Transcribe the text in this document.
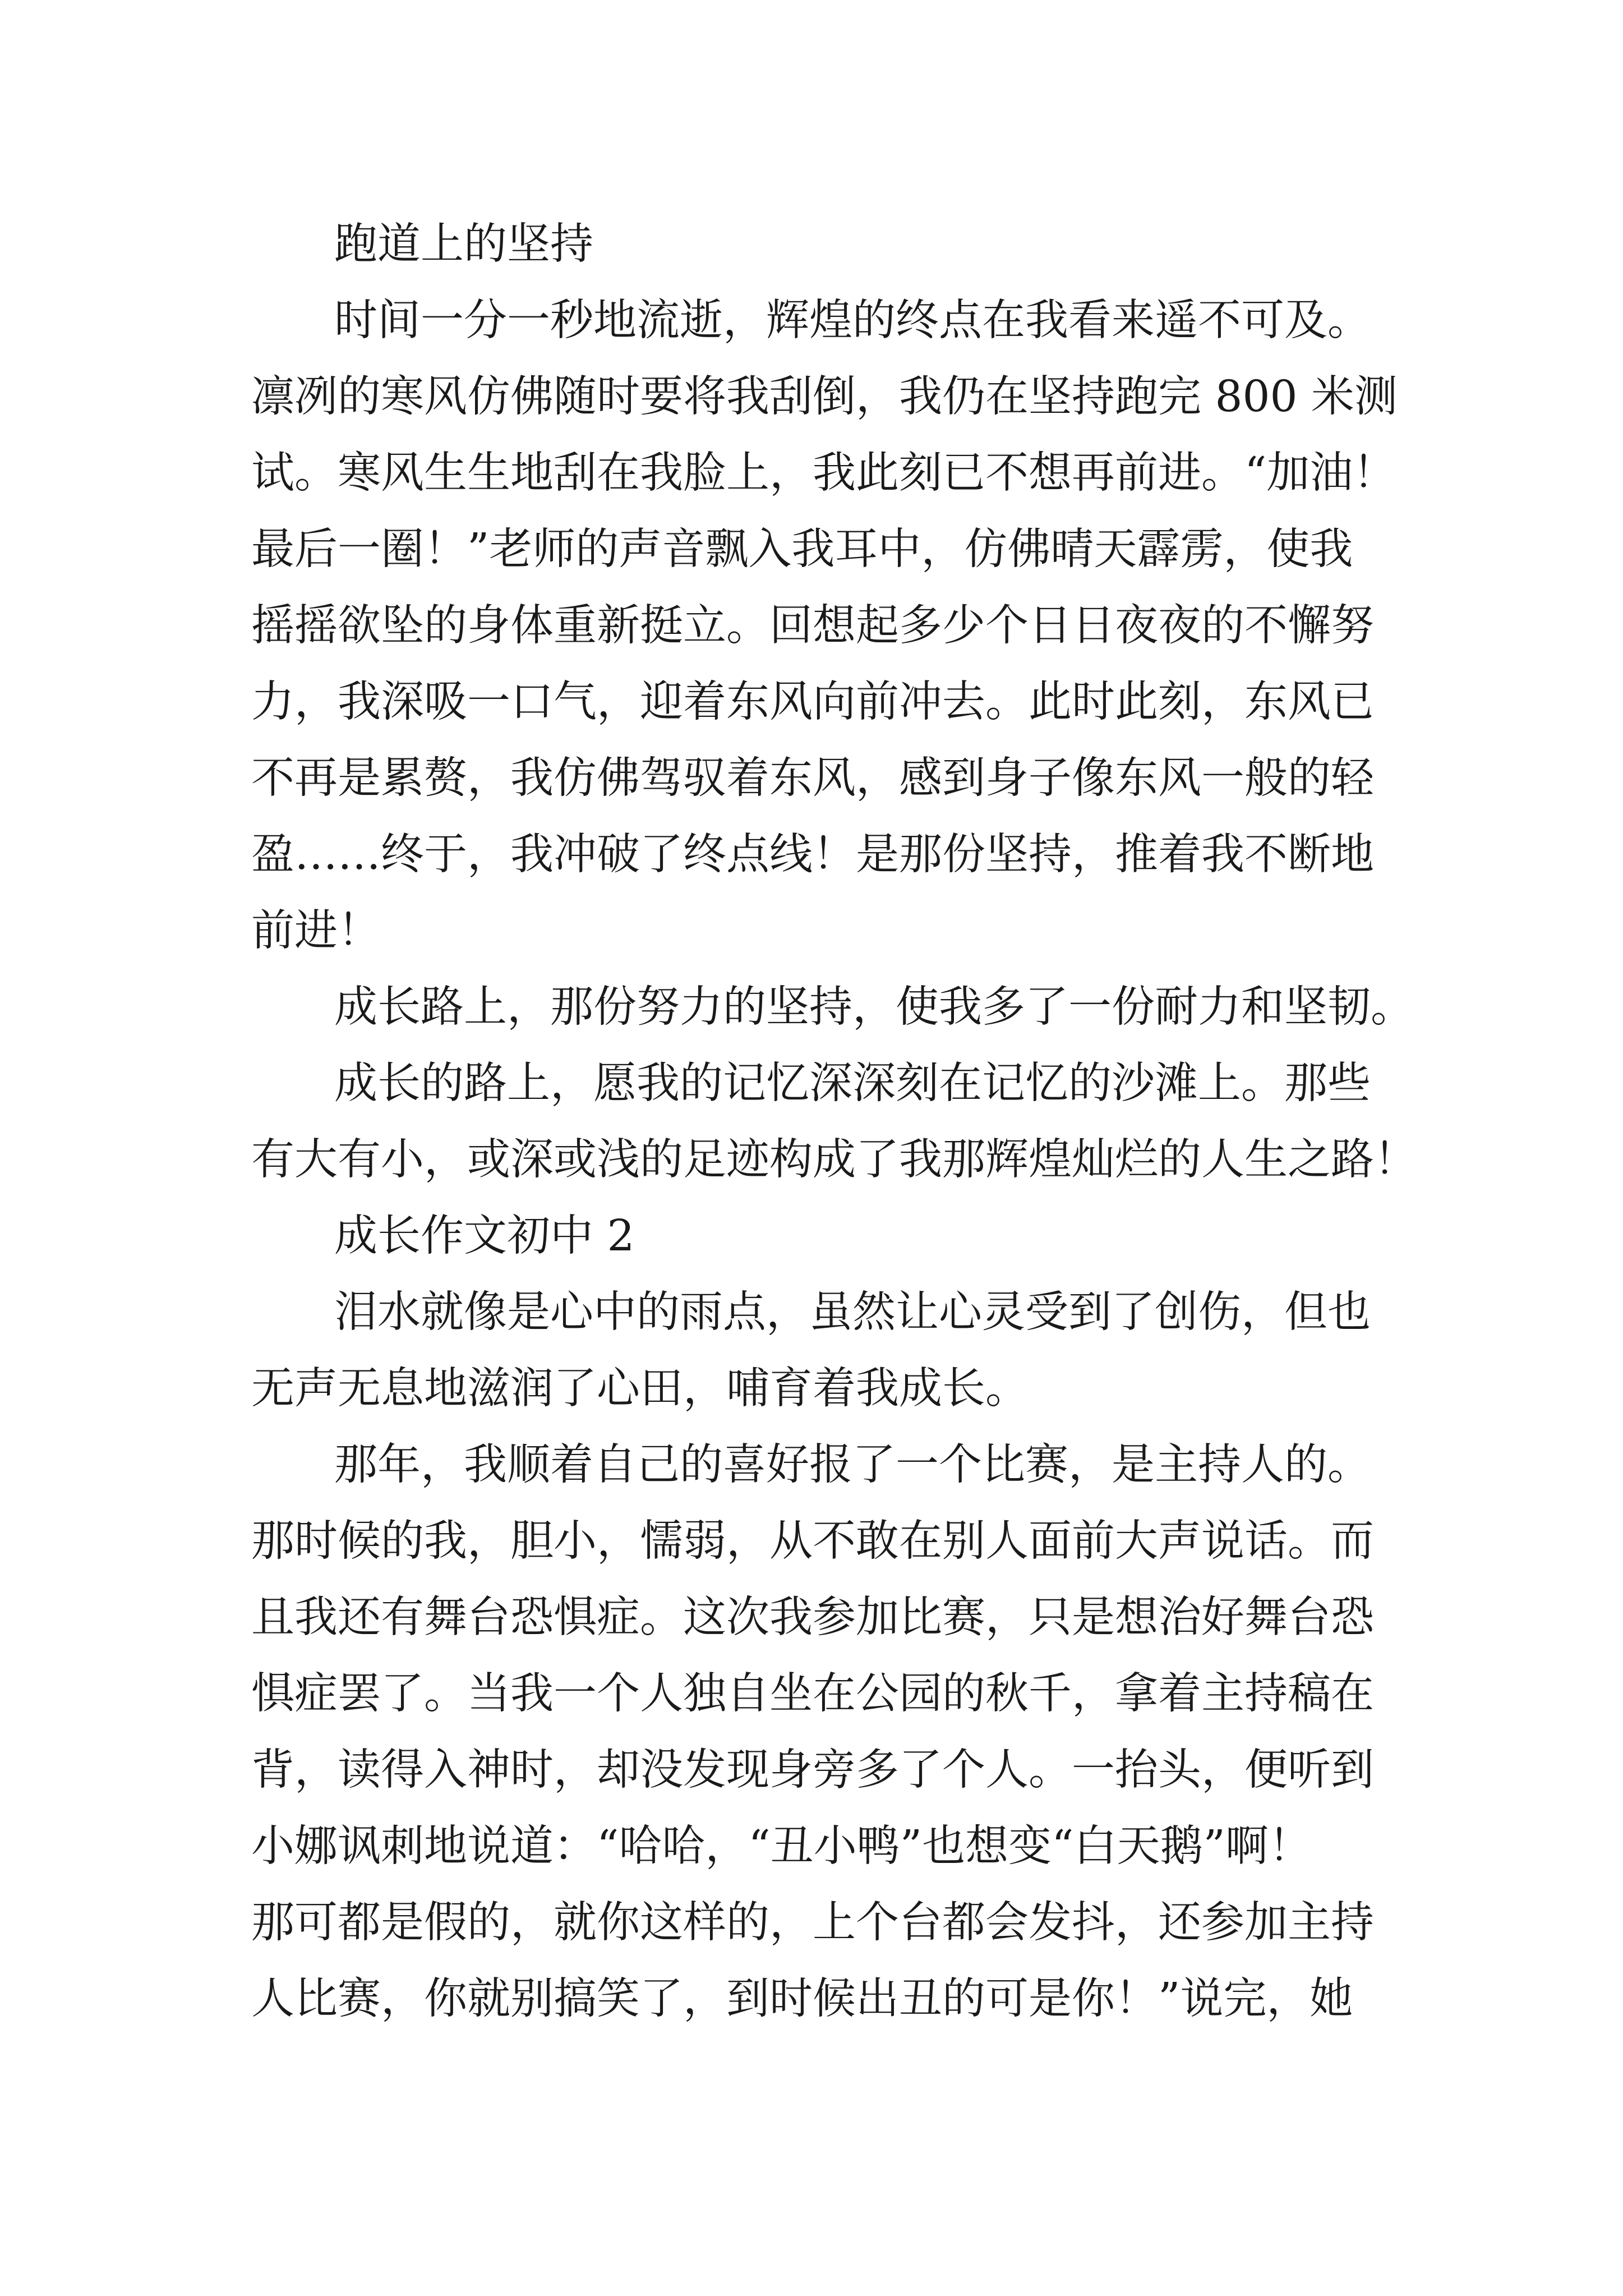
跑道上的坚持
时间一分一秒地流逝，辉煌的终点在我看来遥不可及。
凛冽的寒风仿佛随时要将我刮倒，我仍在坚持跑完 800 米测
试。寒风生生地刮在我脸上，我此刻已不想再前进。“加油！
最后一圈！”老师的声音飘入我耳中，仿佛晴天霹雳，使我
摇摇欲坠的身体重新挺立。回想起多少个日日夜夜的不懈努
力，我深吸一口气，迎着东风向前冲去。此时此刻，东风已
不再是累赘，我仿佛驾驭着东风，感到身子像东风一般的轻
盈……终于，我冲破了终点线！是那份坚持，推着我不断地
前进！
成长路上，那份努力的坚持，使我多了一份耐力和坚韧。
成长的路上，愿我的记忆深深刻在记忆的沙滩上。那些
有大有小，或深或浅的足迹构成了我那辉煌灿烂的人生之路！
成长作文初中 2
泪水就像是心中的雨点，虽然让心灵受到了创伤，但也
无声无息地滋润了心田，哺育着我成长。
那年，我顺着自己的喜好报了一个比赛，是主持人的。
那时候的我，胆小，懦弱，从不敢在别人面前大声说话。而
且我还有舞台恐惧症。这次我参加比赛，只是想治好舞台恐
惧症罢了。当我一个人独自坐在公园的秋千，拿着主持稿在
背，读得入神时，却没发现身旁多了个人。一抬头，便听到
小娜讽刺地说道：“哈哈，“丑小鸭”也想变“白天鹅”啊！
那可都是假的，就你这样的，上个台都会发抖，还参加主持
人比赛，你就别搞笑了，到时候出丑的可是你！”说完，她
